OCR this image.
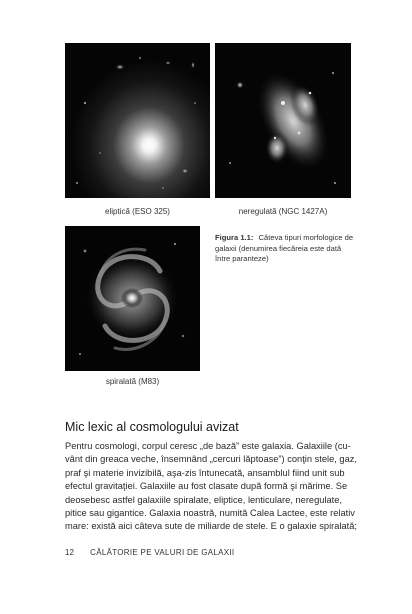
eliptică (ESO 325)	neregulată (NGC 1427A)
spiralată (M83)
Figura 1.1: Câteva tipuri morfologice de galaxii (denumirea fiecăreia este dată între paranteze)
Mic lexic al cosmologului avizat
Pentru cosmologi, corpul ceresc „de bază” este galaxia. Galaxiile (cu-
vânt din greaca veche, însemnând „cercuri lăptoase”) conţin stele, gaz,
praf şi materie invizibilă, aşa-zis întunecată, ansamblul fiind unit sub
efectul gravitaţiei. Galaxiile au fost clasate după formă şi mărime. Se
deosebesc astfel galaxiile spiralate, eliptice, lenticulare, neregulate,
pitice sau gigantice. Galaxia noastră, numită Calea Lactee, este relativ
mare: există aici câteva sute de miliarde de stele. E o galaxie spiralată;
12 CĂLĂTORIE PE VALURI DE GALAXII
